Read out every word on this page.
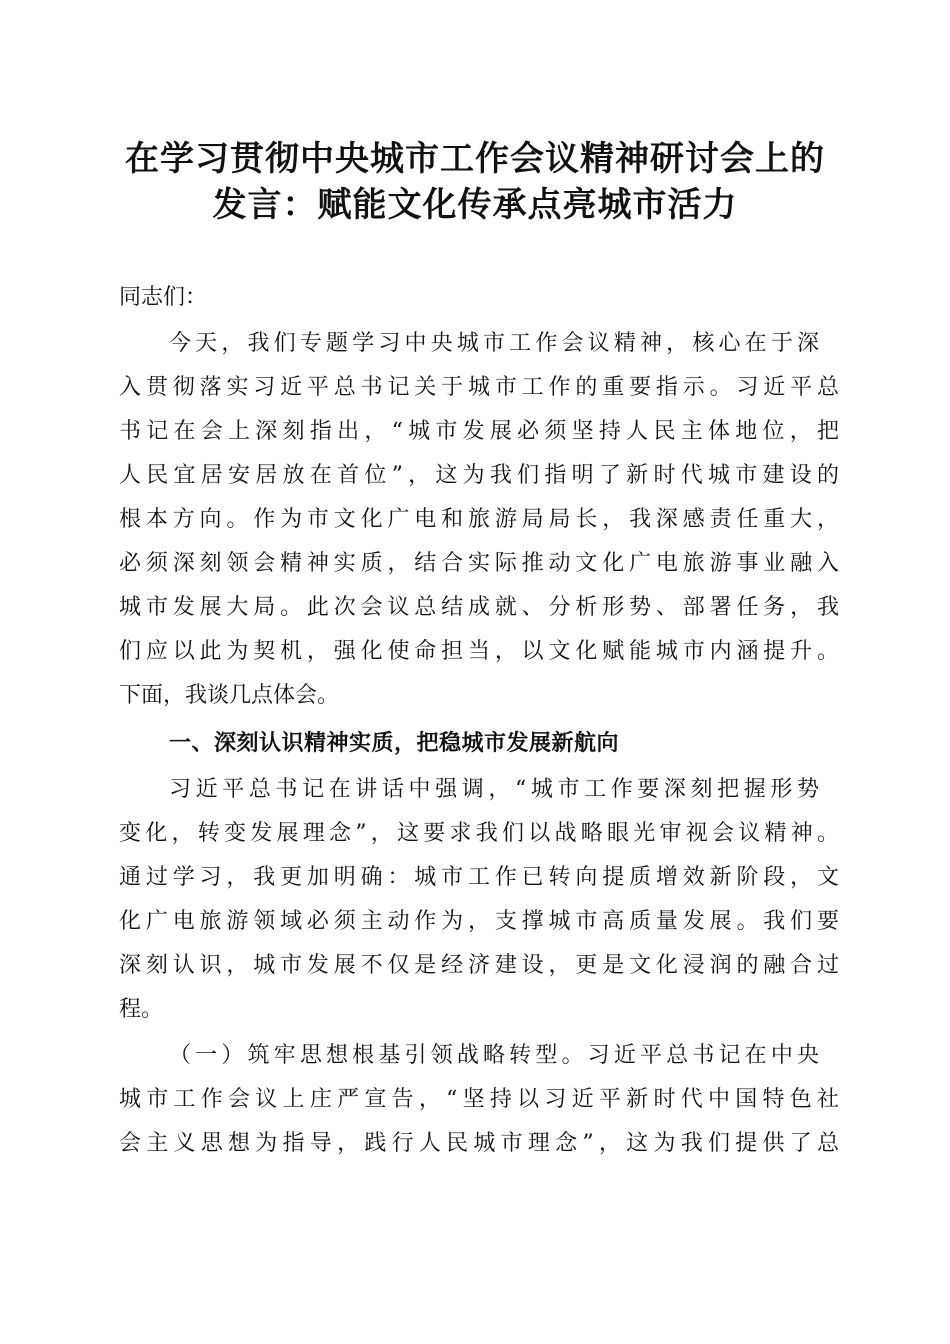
在学习贯彻中央城市工作会议精神研讨会上的
发言：赋能文化传承点亮城市活力
同志们：
今天，我们专题学习中央城市工作会议精神，核心在于深
入贯彻落实习近平总书记关于城市工作的重要指示。习近平总
书记在会上深刻指出，“城市发展必须坚持人民主体地位，把
人民宜居安居放在首位”，这为我们指明了新时代城市建设的
根本方向。作为市文化广电和旅游局局长，我深感责任重大，
必须深刻领会精神实质，结合实际推动文化广电旅游事业融入
城市发展大局。此次会议总结成就、分析形势、部署任务，我
们应以此为契机，强化使命担当，以文化赋能城市内涵提升。
下面，我谈几点体会。
一、深刻认识精神实质，把稳城市发展新航向
习近平总书记在讲话中强调，“城市工作要深刻把握形势
变化，转变发展理念”，这要求我们以战略眼光审视会议精神。
通过学习，我更加明确：城市工作已转向提质增效新阶段，文
化广电旅游领域必须主动作为，支撑城市高质量发展。我们要
深刻认识，城市发展不仅是经济建设，更是文化浸润的融合过
程。
（一）筑牢思想根基引领战略转型。习近平总书记在中央
城市工作会议上庄严宣告，“坚持以习近平新时代中国特色社
会主义思想为指导，践行人民城市理念”，这为我们提供了总
